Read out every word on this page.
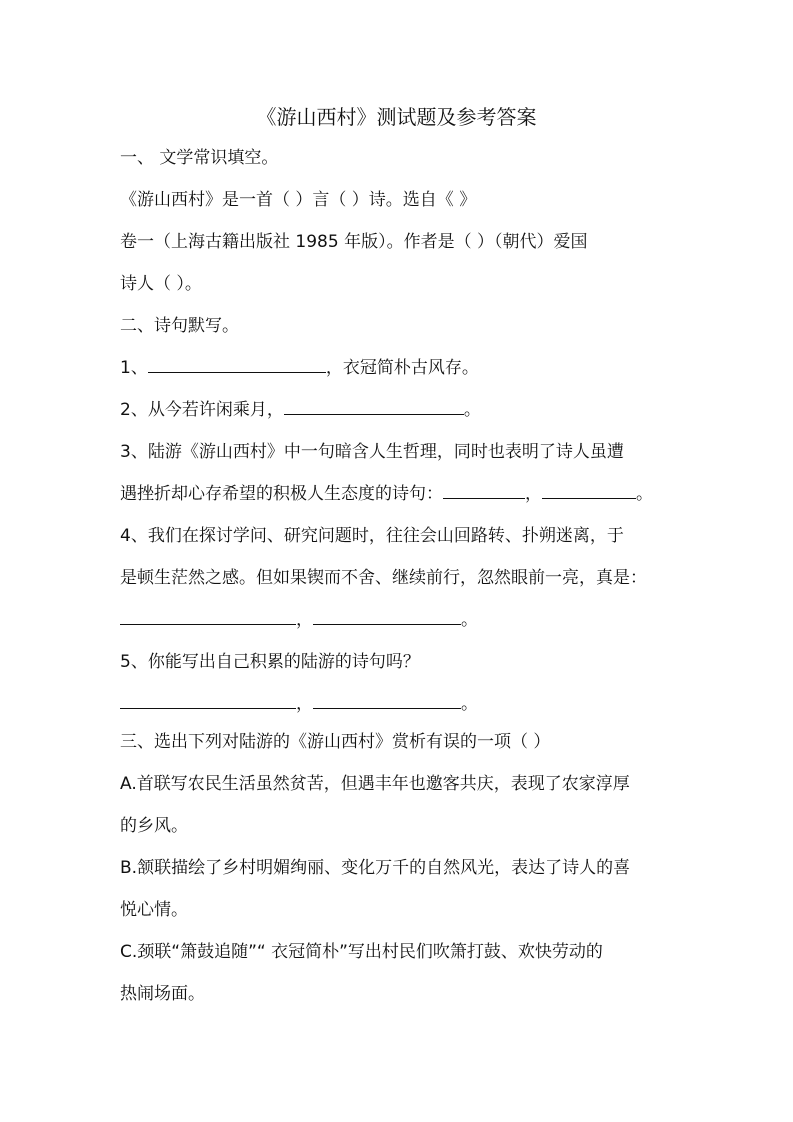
《游山西村》测试题及参考答案
一、 文学常识填空。
《游山西村》是一首（ ）言（ ）诗。选自《 》
卷一（上海古籍出版社 1985 年版）。作者是（ ）（朝代）爱国
诗人（ ）。
二、诗句默写。
1、	，衣冠简朴古风存。
2、从今若许闲乘月，	。
3、陆游《游山西村》中一句暗含人生哲理，同时也表明了诗人虽遭
遇挫折却心存希望的积极人生态度的诗句：	，	。
4、我们在探讨学问、研究问题时，往往会山回路转、扑朔迷离，于
是顿生茫然之感。但如果锲而不舍、继续前行，忽然眼前一亮，真是：
，	。
5、你能写出自己积累的陆游的诗句吗？
，	。
三、选出下列对陆游的《游山西村》赏析有误的一项（ ）
A.首联写农民生活虽然贫苦，但遇丰年也邀客共庆，表现了农家淳厚
的乡风。
B.颔联描绘了乡村明媚绚丽、变化万千的自然风光，表达了诗人的喜
悦心情。
C.颈联“箫鼓追随”“ 衣冠简朴”写出村民们吹箫打鼓、欢快劳动的
热闹场面。
